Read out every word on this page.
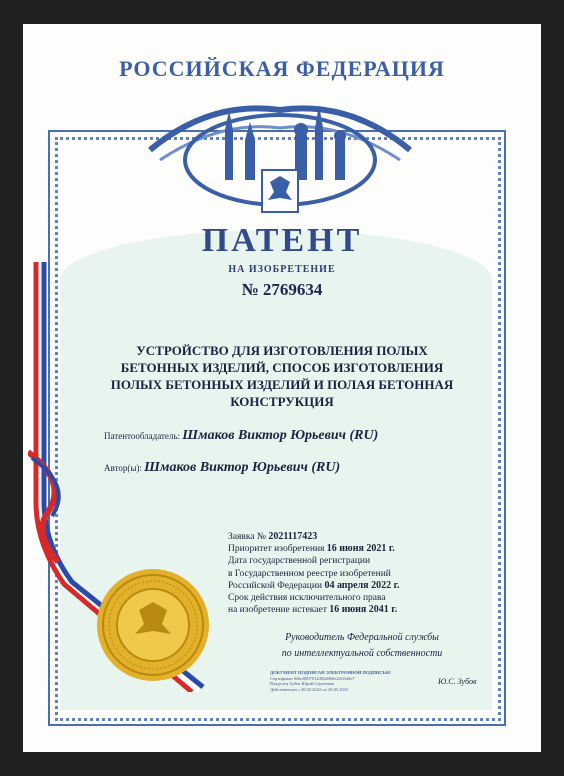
РОССИЙСКАЯ ФЕДЕРАЦИЯ
ПАТЕНТ
НА ИЗОБРЕТЕНИЕ
№ 2769634
УСТРОЙСТВО ДЛЯ ИЗГОТОВЛЕНИЯ ПОЛЫХ БЕТОННЫХ ИЗДЕЛИЙ, СПОСОБ ИЗГОТОВЛЕНИЯ ПОЛЫХ БЕТОННЫХ ИЗДЕЛИЙ И ПОЛАЯ БЕТОННАЯ КОНСТРУКЦИЯ
Патентообладатель: Шмаков Виктор Юрьевич (RU)
Автор(ы): Шмаков Виктор Юрьевич (RU)
Заявка № 2021117423
Приоритет изобретения 16 июня 2021 г.
Дата государственной регистрации
в Государственном реестре изобретений
Российской Федерации 04 апреля 2022 г.
Срок действия исключительного права
на изобретение истекает 16 июня 2041 г.
Руководитель Федеральной службы
по интеллектуальной собственности
ДОКУМЕНТ ПОДПИСАН ЭЛЕКТРОННОЙ ПОДПИСЬЮ
Сертификат 6dbc8007012d02d8b0e241fbdfe7
Владелец Зубов Юрий Сергеевич
Действителен с 20.02.2022 по 20.05.2023
Ю.С. Зубов
